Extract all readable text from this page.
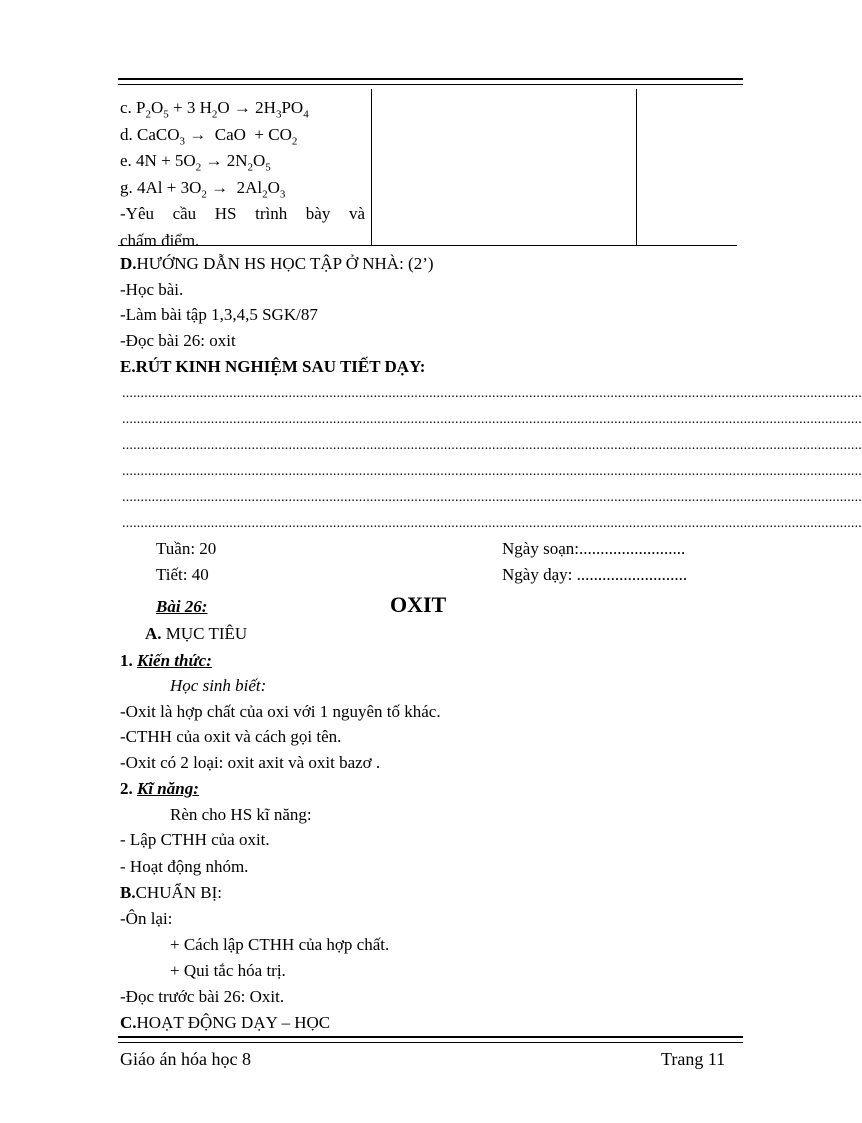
c. $P_2O_5 + 3$ $H_2O \to 2H_3PO_4$
d. CaCO$_3$ →  CaO  + $CO_2$
e. $4N + 5O_2 \to 2N_2O_5$
g. $4Al + 3O_2 \to 2Al_2O_3$
-Yêu cầu HS trình bày và
chấm điểm.
D.HƯỚNG DẪN HS HỌC TẬP Ở NHÀ: (2’)
-Học bài.
-Làm bài tập 1,3,4,5 SGK/87
-Đọc bài 26: oxit
E.RÚT KINH NGHIỆM SAU TIẾT DẠY:
........................................................................................................................................................................................................
........................................................................................................................................................................................................
........................................................................................................................................................................................................
........................................................................................................................................................................................................
........................................................................................................................................................................................................
........................................................................................................................................................................................................
Tuần: 20	Ngày soạn:.........................
Tiết: 40	Ngày dạy: ..........................
Bài 26:	OXIT
A. MỤC TIÊU
1. Kiến thức:
Học sinh biết:
-Oxit là hợp chất của oxi với 1 nguyên tố khác.
-CTHH của oxit và cách gọi tên.
-Oxit có 2 loại: oxit axit và oxit bazơ .
2. Kĩ năng:
Rèn cho HS kĩ năng:
- Lập CTHH của oxit.
- Hoạt động nhóm.
B.CHUẨN BỊ:
-Ôn lại:
+ Cách lập CTHH của hợp chất.
+ Qui tắc hóa trị.
-Đọc trước bài 26: Oxit.
C.HOẠT ĐỘNG DẠY – HỌC
Giáo án hóa học 8	Trang 11
